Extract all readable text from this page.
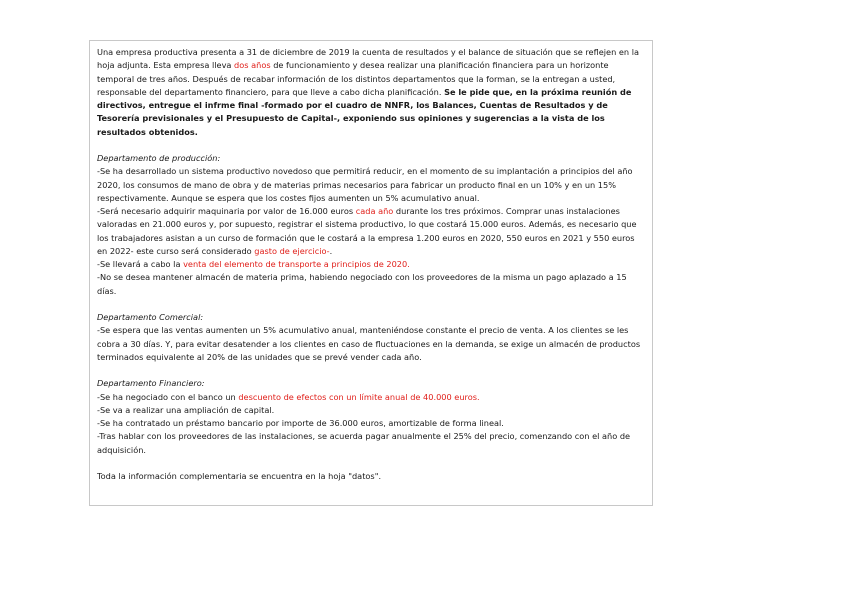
Una empresa productiva presenta a 31 de diciembre de 2019 la cuenta de resultados y el balance de situación que se reflejen en la hoja adjunta. Esta empresa lleva dos años de funcionamiento y desea realizar una planificación financiera para un horizonte temporal de tres años. Después de recabar información de los distintos departamentos que la forman, se la entregan a usted, responsable del departamento financiero, para que lleve a cabo dicha planificación. Se le pide que, en la próxima reunión de directivos, entregue el infrme final -formado por el cuadro de NNFR, los Balances, Cuentas de Resultados y de Tesorería previsionales y el Presupuesto de Capital-, exponiendo sus opiniones y sugerencias a la vista de los resultados obtenidos.

Departamento de producción:

-Se ha desarrollado un sistema productivo novedoso que permitirá reducir, en el momento de su implantación a principios del año 2020, los consumos de mano de obra y de materias primas necesarios para fabricar un producto final en un 10% y en un 15% respectivamente. Aunque se espera que los costes fijos aumenten un 5% acumulativo anual.

-Será necesario adquirir maquinaria por valor de 16.000 euros cada año durante los tres próximos. Comprar unas instalaciones valoradas en 21.000 euros y, por supuesto, registrar el sistema productivo, lo que costará 15.000 euros. Además, es necesario que los trabajadores asistan a un curso de formación que le costará a la empresa 1.200 euros en 2020, 550 euros en 2021 y 550 euros en 2022- este curso será considerado gasto de ejercicio-.

-Se llevará a cabo la venta del elemento de transporte a principios de 2020.

-No se desea mantener almacén de materia prima, habiendo negociado con los proveedores de la misma un pago aplazado a 15 días.

Departamento Comercial:

-Se espera que las ventas aumenten un 5% acumulativo anual, manteniéndose constante el precio de venta. A los clientes se les cobra a 30 días. Y, para evitar desatender a los clientes en caso de fluctuaciones en la demanda, se exige un almacén de productos terminados equivalente al 20% de las unidades que se prevé vender cada año.

Departamento Financiero:

-Se ha negociado con el banco un descuento de efectos con un límite anual de 40.000 euros.

-Se va a realizar una ampliación de capital.

-Se ha contratado un préstamo bancario por importe de 36.000 euros, amortizable de forma lineal.

-Tras hablar con los proveedores de las instalaciones, se acuerda pagar anualmente el 25% del precio, comenzando con el año de adquisición.

Toda la información complementaria se encuentra en la hoja "datos".
